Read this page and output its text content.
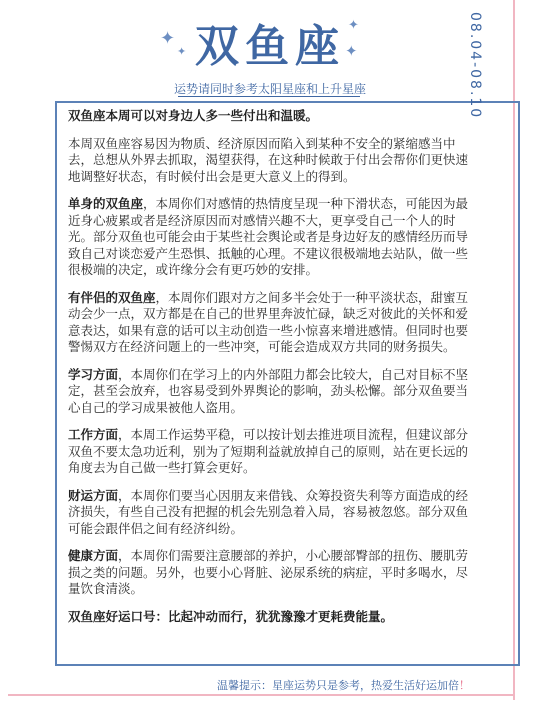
✦
✦
✦
✦
双鱼座
运势请同时参考太阳星座和上升星座	08.04-08.10

双鱼座本周可以对身边人多一些付出和温暖。

本周双鱼座容易因为物质、经济原因而陷入到某种不安全的紧缩感当中去，总想从外界去抓取，渴望获得，在这种时候敢于付出会帮你们更快速地调整好状态，有时候付出会是更大意义上的得到。

单身的双鱼座，本周你们对感情的热情度呈现一种下滑状态，可能因为最近身心疲累或者是经济原因而对感情兴趣不大，更享受自己一个人的时光。部分双鱼也可能会由于某些社会舆论或者是身边好友的感情经历而导致自己对谈恋爱产生恐惧、抵触的心理。不建议很极端地去站队，做一些很极端的决定，或许缘分会有更巧妙的安排。

有伴侣的双鱼座，本周你们跟对方之间多半会处于一种平淡状态，甜蜜互动会少一点，双方都是在自己的世界里奔波忙碌，缺乏对彼此的关怀和爱意表达，如果有意的话可以主动创造一些小惊喜来增进感情。但同时也要警惕双方在经济问题上的一些冲突，可能会造成双方共同的财务损失。

学习方面，本周你们在学习上的内外部阻力都会比较大，自己对目标不坚定，甚至会放弃，也容易受到外界舆论的影响，劲头松懈。部分双鱼要当心自己的学习成果被他人盗用。

工作方面，本周工作运势平稳，可以按计划去推进项目流程，但建议部分双鱼不要太急功近利，别为了短期利益就放掉自己的原则，站在更长远的角度去为自己做一些打算会更好。

财运方面，本周你们要当心因朋友来借钱、众筹投资失利等方面造成的经济损失，有些自己没有把握的机会先别急着入局，容易被忽悠。部分双鱼可能会跟伴侣之间有经济纠纷。

健康方面，本周你们需要注意腰部的养护，小心腰部臀部的扭伤、腰肌劳损之类的问题。另外，也要小心肾脏、泌尿系统的病症，平时多喝水，尽量饮食清淡。

双鱼座好运口号：比起冲动而行，犹犹豫豫才更耗费能量。

温馨提示：星座运势只是参考，热爱生活好运加倍！
